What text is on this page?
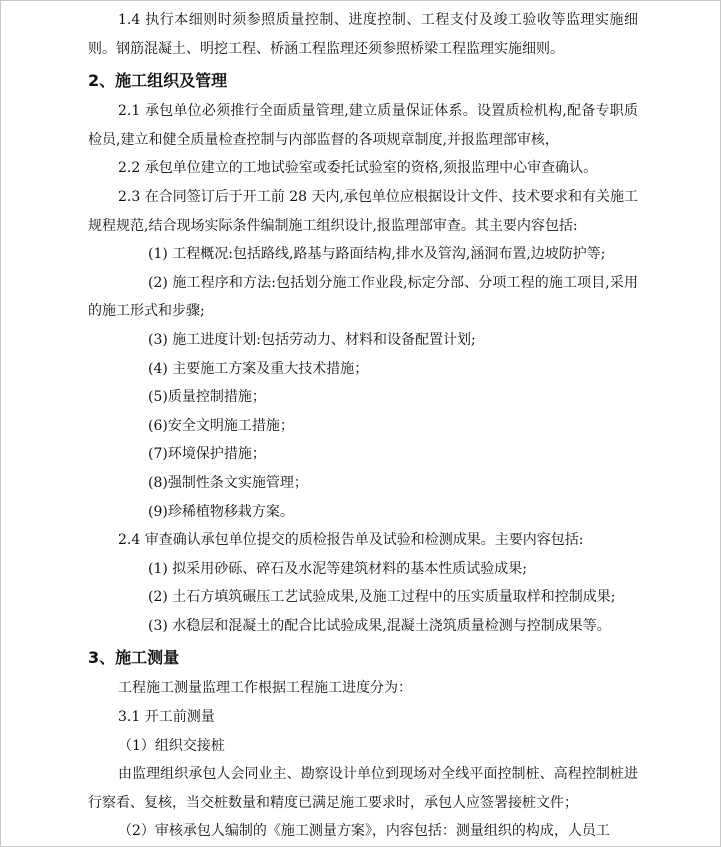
1.4 执行本细则时须参照质量控制、进度控制、工程支付及竣工验收等监理实施细则。钢筋混凝土、明挖工程、桥涵工程监理还须参照桥梁工程监理实施细则。

2、施工组织及管理

2.1 承包单位必须推行全面质量管理,建立质量保证体系。设置质检机构,配备专职质检员,建立和健全质量检查控制与内部监督的各项规章制度,并报监理部审核，

2.2 承包单位建立的工地试验室或委托试验室的资格,须报监理中心审查确认。

2.3 在合同签订后于开工前 28 天内,承包单位应根据设计文件、技术要求和有关施工规程规范,结合现场实际条件编制施工组织设计,报监理部审查。其主要内容包括:

(1) 工程概况:包括路线,路基与路面结构,排水及管沟,涵洞布置,边坡防护等;

(2) 施工程序和方法:包括划分施工作业段,标定分部、分项工程的施工项目,采用的施工形式和步骤;

(3) 施工进度计划:包括劳动力、材料和设备配置计划;

(4) 主要施工方案及重大技术措施；

(5)质量控制措施；

(6)安全文明施工措施；

(7)环境保护措施；

(8)强制性条文实施管理；

(9)珍稀植物移栽方案。

2.4 审查确认承包单位提交的质检报告单及试验和检测成果。主要内容包括:

(1) 拟采用砂砾、碎石及水泥等建筑材料的基本性质试验成果;

(2) 土石方填筑碾压工艺试验成果,及施工过程中的压实质量取样和控制成果;

(3) 水稳层和混凝土的配合比试验成果,混凝土浇筑质量检测与控制成果等。

3、施工测量

工程施工测量监理工作根据工程施工进度分为：

3.1 开工前测量

（1）组织交接桩

由监理组织承包人会同业主、勘察设计单位到现场对全线平面控制桩、高程控制桩进行察看、复核，当交桩数量和精度已满足施工要求时，承包人应签署接桩文件；

（2）审核承包人编制的《施工测量方案》，内容包括：测量组织的构成，人员工
